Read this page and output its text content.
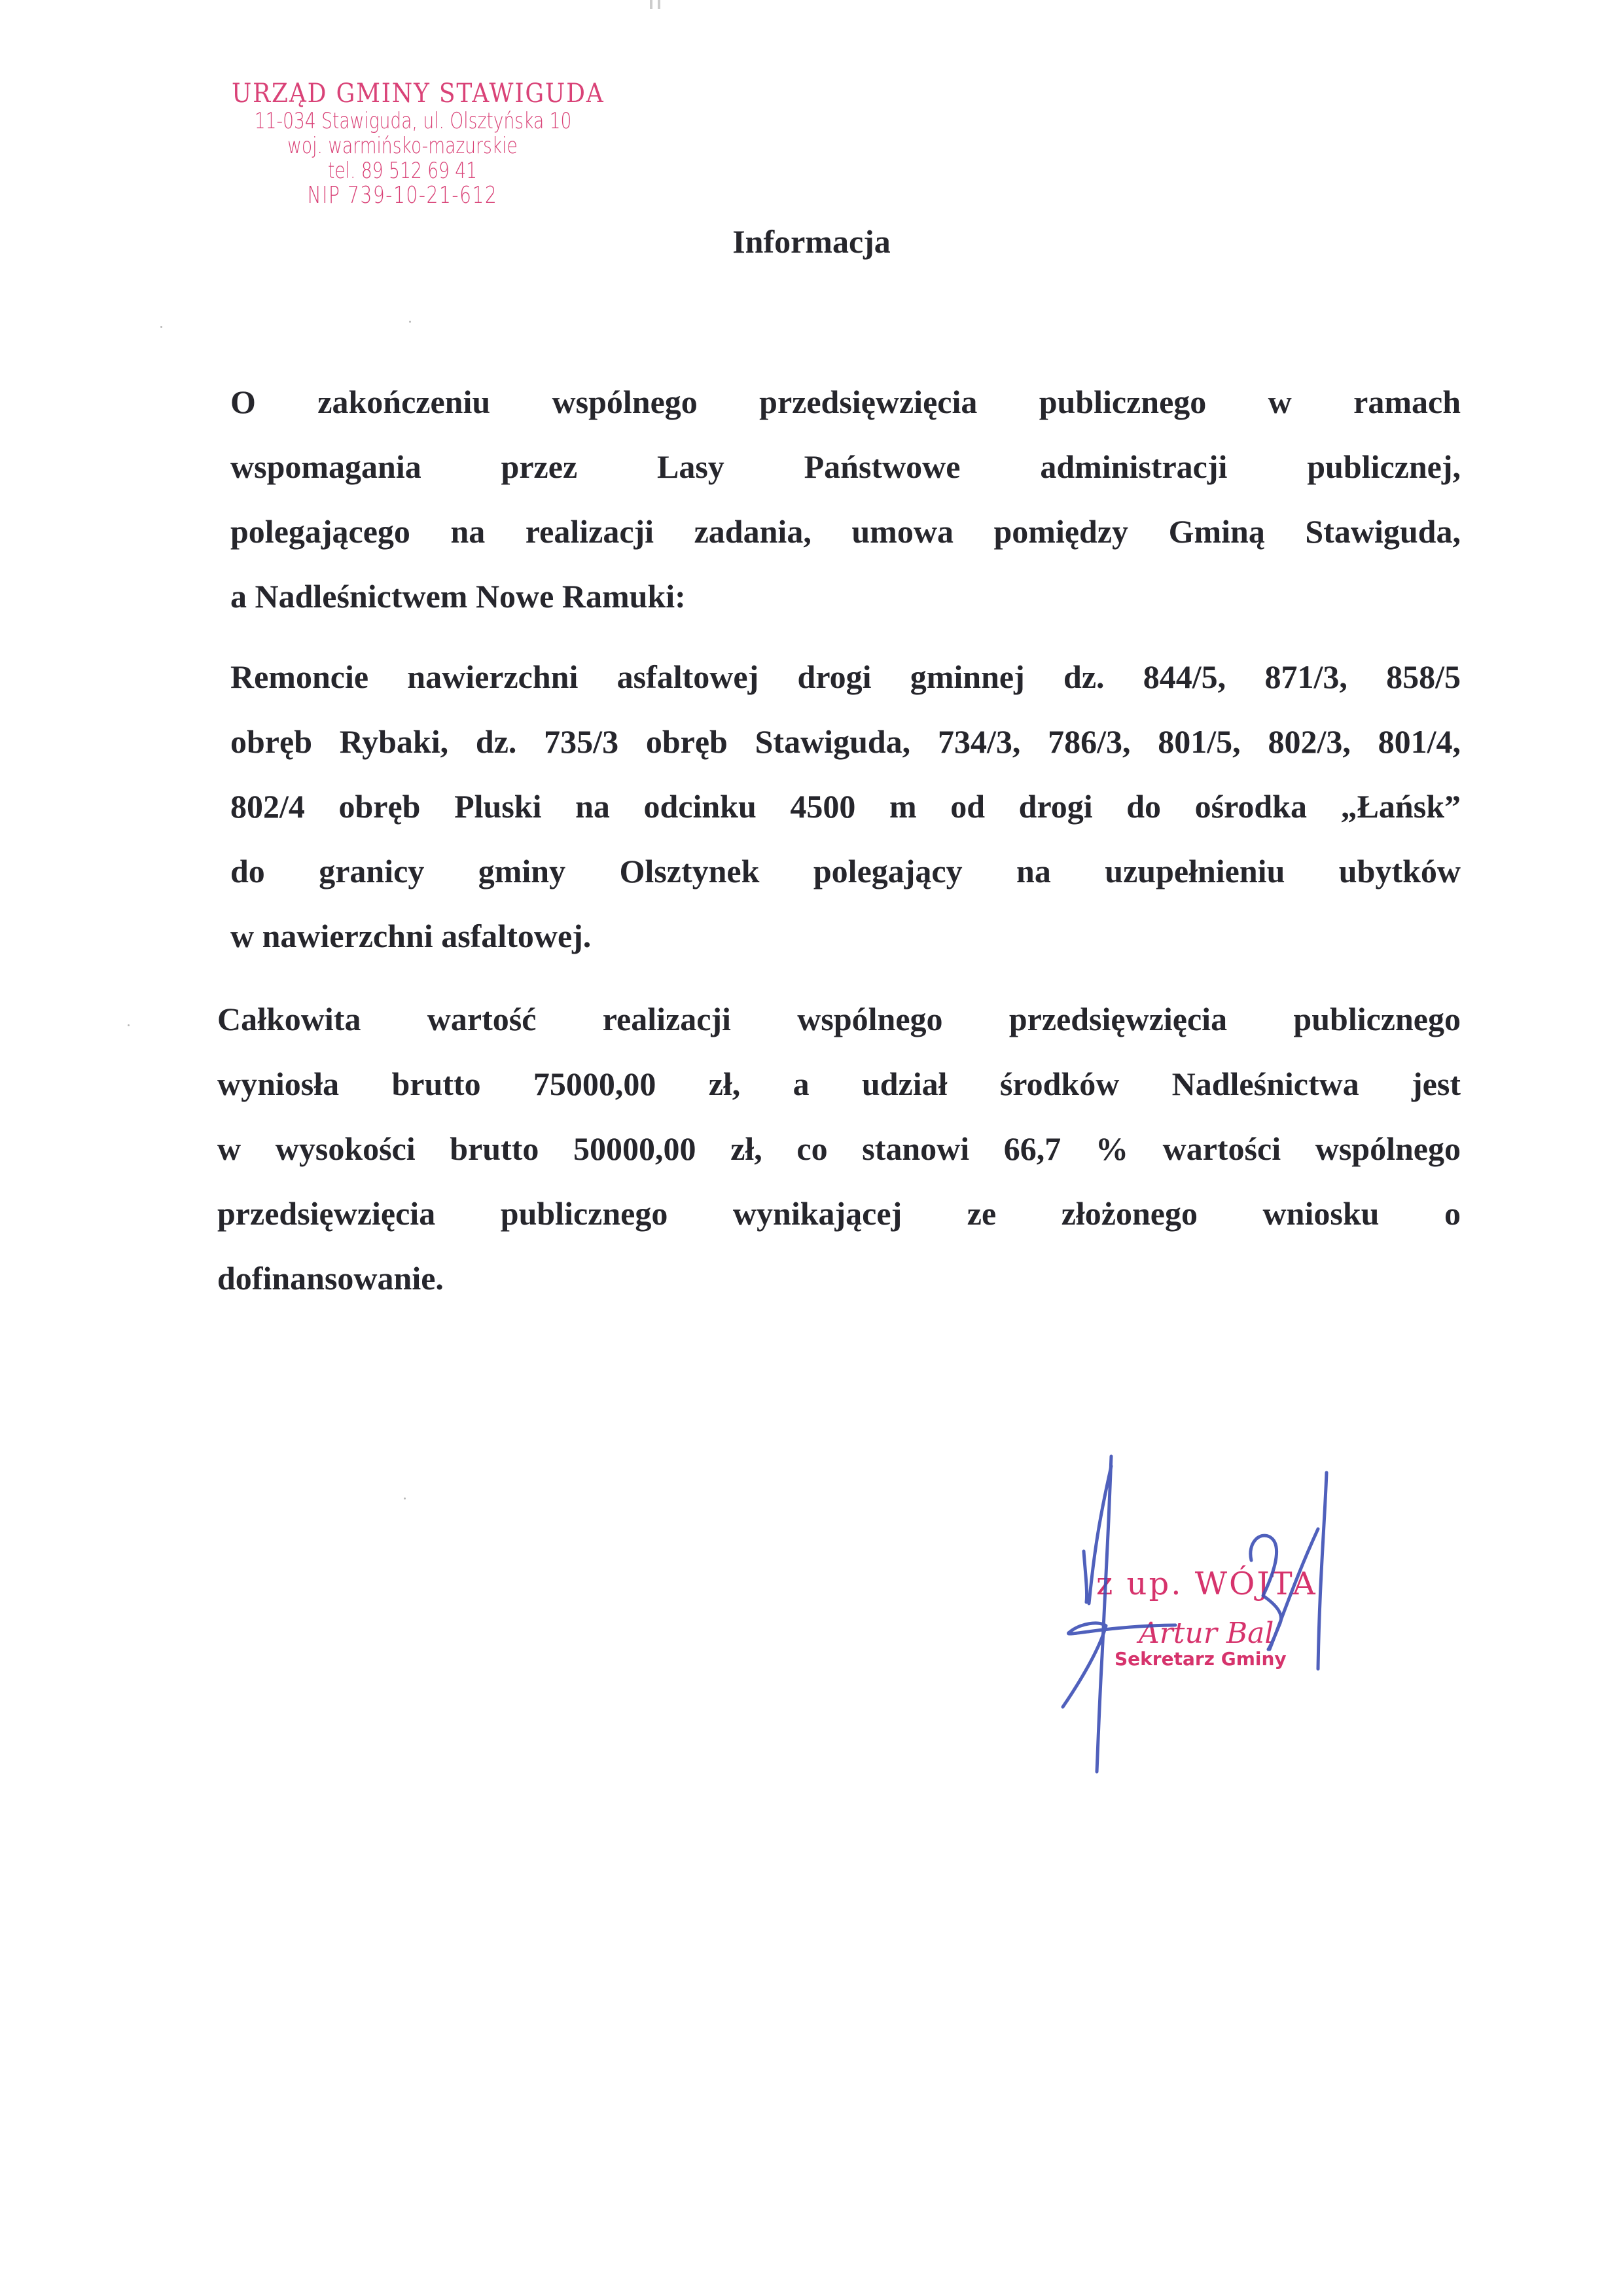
URZĄD GMINY STAWIGUDA
11-034 Stawiguda, ul. Olsztyńska 10
woj. warmińsko-mazurskie
tel. 89 512 69 41
NIP 739-10-21-612
Informacja
O zakończeniu wspólnego przedsięwzięcia publicznego w ramach
wspomagania przez Lasy Państwowe administracji publicznej,
polegającego na realizacji zadania, umowa pomiędzy Gminą Stawiguda,
a Nadleśnictwem Nowe Ramuki:
Remoncie nawierzchni asfaltowej drogi gminnej dz. 844/5, 871/3, 858/5
obręb Rybaki, dz. 735/3 obręb Stawiguda, 734/3, 786/3, 801/5, 802/3, 801/4,
802/4 obręb Pluski na odcinku 4500 m od drogi do ośrodka „Łańsk”
do granicy gminy Olsztynek polegający na uzupełnieniu ubytków
w nawierzchni asfaltowej.
Całkowita wartość realizacji wspólnego przedsięwzięcia publicznego
wyniosła brutto 75000,00 zł, a udział środków Nadleśnictwa jest
w wysokości brutto 50000,00 zł, co stanowi 66,7 % wartości wspólnego
przedsięwzięcia publicznego wynikającej ze złożonego wniosku o
dofinansowanie.
z up. WÓJTA
Artur Bal
Sekretarz Gminy
